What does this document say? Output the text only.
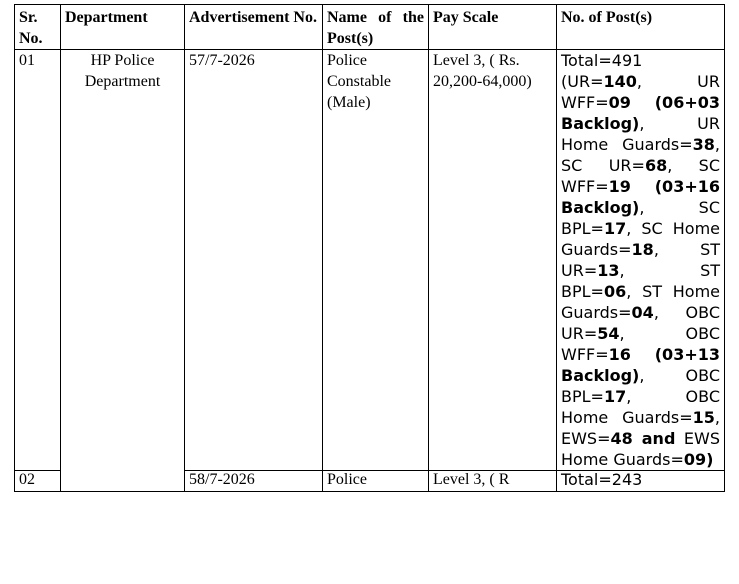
Sr. No.	Department	Advertisement No.	Name of the Post(s)	Pay Scale	No. of Post(s)
01	HP Police Department	57/7-2026	Police Constable (Male)	Level 3, ( Rs. 20,200-64,000)	Total=491 (UR=140, UR WFF=09 (06+03 Backlog), UR Home Guards=38, SC UR=68, SC WFF=19 (03+16 Backlog), SC BPL=17, SC Home Guards=18, ST UR=13, ST BPL=06, ST Home Guards=04, OBC UR=54, OBC WFF=16 (03+13 Backlog), OBC BPL=17, OBC Home Guards=15, EWS=48 and EWS Home Guards=09)
02		58/7-2026	Police	Level 3, ( R	Total=243
